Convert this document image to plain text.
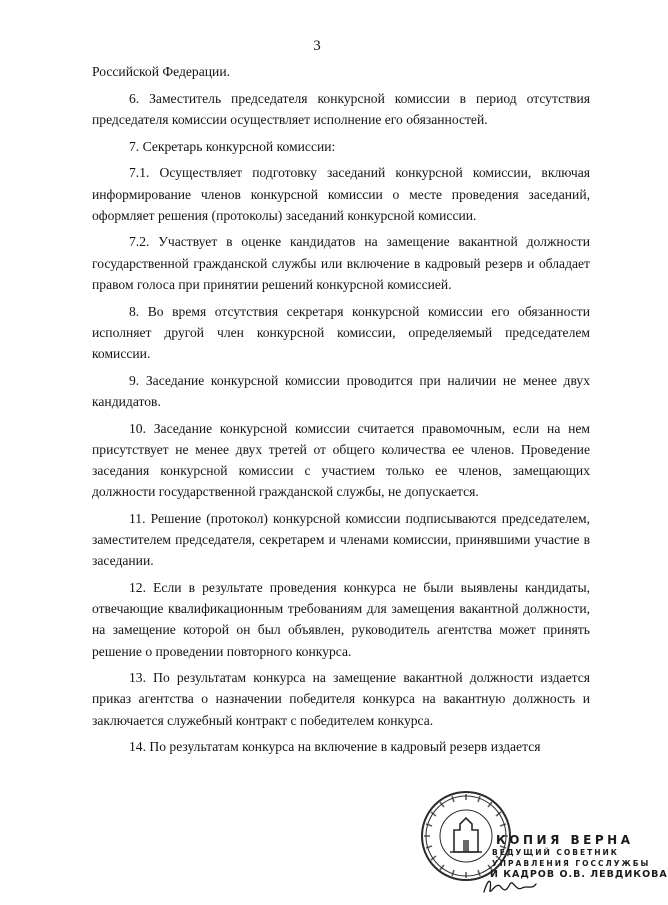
3

Российской Федерации.

6. Заместитель председателя конкурсной комиссии в период отсутствия председателя комиссии осуществляет исполнение его обязанностей.

7. Секретарь конкурсной комиссии:

7.1. Осуществляет подготовку заседаний конкурсной комиссии, включая информирование членов конкурсной комиссии о месте проведения заседаний, оформляет решения (протоколы) заседаний конкурсной комиссии.

7.2. Участвует в оценке кандидатов на замещение вакантной должности государственной гражданской службы или включение в кадровый резерв и обладает правом голоса при принятии решений конкурсной комиссией.

8. Во время отсутствия секретаря конкурсной комиссии его обязанности исполняет другой член конкурсной комиссии, определяемый председателем комиссии.

9. Заседание конкурсной комиссии проводится при наличии не менее двух кандидатов.

10. Заседание конкурсной комиссии считается правомочным, если на нем присутствует не менее двух третей от общего количества ее членов. Проведение заседания конкурсной комиссии с участием только ее членов, замещающих должности государственной гражданской службы, не допускается.

11. Решение (протокол) конкурсной комиссии подписываются председателем, заместителем председателя, секретарем и членами комиссии, принявшими участие в заседании.

12. Если в результате проведения конкурса не были выявлены кандидаты, отвечающие квалификационным требованиям для замещения вакантной должности, на замещение которой он был объявлен, руководитель агентства может принять решение о проведении повторного конкурса.

13. По результатам конкурса на замещение вакантной должности издается приказ агентства о назначении победителя конкурса на вакантную должность и заключается служебный контракт с победителем конкурса.

14. По результатам конкурса на включение в кадровый резерв издается

КОПИЯ ВЕРНА
ВЕДУЩИЙ СОВЕТНИК
УПРАВЛЕНИЯ ГОССЛУЖБЫ
И КАДРОВ О.В. ЛЕВДИКОВА
